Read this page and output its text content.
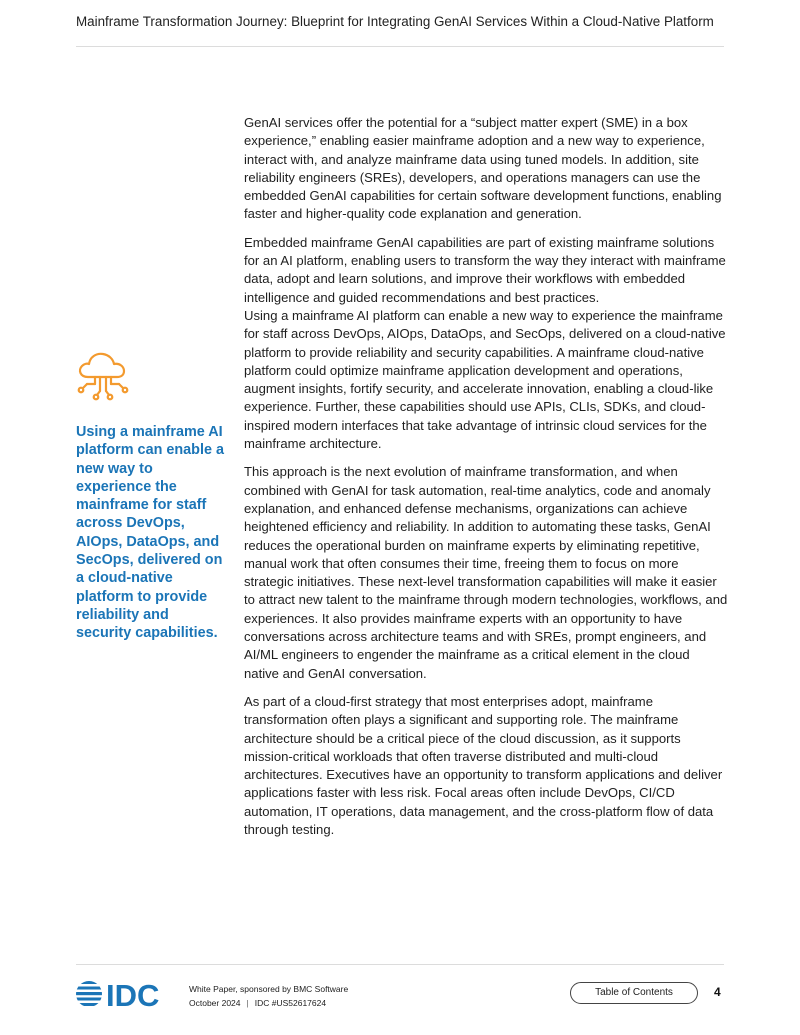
Mainframe Transformation Journey: Blueprint for Integrating GenAI Services Within a Cloud-Native Platform

GenAI services offer the potential for a “subject matter expert (SME) in a box experience,” enabling easier mainframe adoption and a new way to experience, interact with, and analyze mainframe data using tuned models. In addition, site reliability engineers (SREs), developers, and operations managers can use the embedded GenAI capabilities for certain software development functions, enabling faster and higher-quality code explanation and generation.

Embedded mainframe GenAI capabilities are part of existing mainframe solutions for an AI platform, enabling users to transform the way they interact with mainframe data, adopt and learn solutions, and improve their workflows with embedded intelligence and guided recommendations and best practices.

Using a mainframe AI platform can enable a new way to experience the mainframe for staff across DevOps, AIOps, DataOps, and SecOps, delivered on a cloud-native platform to provide reliability and security capabilities. A mainframe cloud-native platform could optimize mainframe application development and operations, augment insights, fortify security, and accelerate innovation, enabling a cloud-like experience. Further, these capabilities should use APIs, CLIs, SDKs, and cloud-inspired modern interfaces that take advantage of intrinsic cloud services for the mainframe architecture.

This approach is the next evolution of mainframe transformation, and when combined with GenAI for task automation, real-time analytics, code and anomaly explanation, and enhanced defense mechanisms, organizations can achieve heightened efficiency and reliability. In addition to automating these tasks, GenAI reduces the operational burden on mainframe experts by eliminating repetitive, manual work that often consumes their time, freeing them to focus on more strategic initiatives. These next-level transformation capabilities will make it easier to attract new talent to the mainframe through modern technologies, workflows, and experiences. It also provides mainframe experts with an opportunity to have conversations across architecture teams and with SREs, prompt engineers, and AI/ML engineers to engender the mainframe as a critical element in the cloud native and GenAI conversation.

As part of a cloud-first strategy that most enterprises adopt, mainframe transformation often plays a significant and supporting role. The mainframe architecture should be a critical piece of the cloud discussion, as it supports mission-critical workloads that often traverse distributed and multi-cloud architectures. Executives have an opportunity to transform applications and deliver applications faster with less risk. Focal areas often include DevOps, CI/CD automation, IT operations, data management, and the cross-platform flow of data through testing.

Using a mainframe AI platform can enable a new way to experience the mainframe for staff across DevOps, AIOps, DataOps, and SecOps, delivered on a cloud-native platform to provide reliability and security capabilities.
IDC	White Paper, sponsored by BMC Software
October 2024 | IDC #US52617624
Table of Contents	4
